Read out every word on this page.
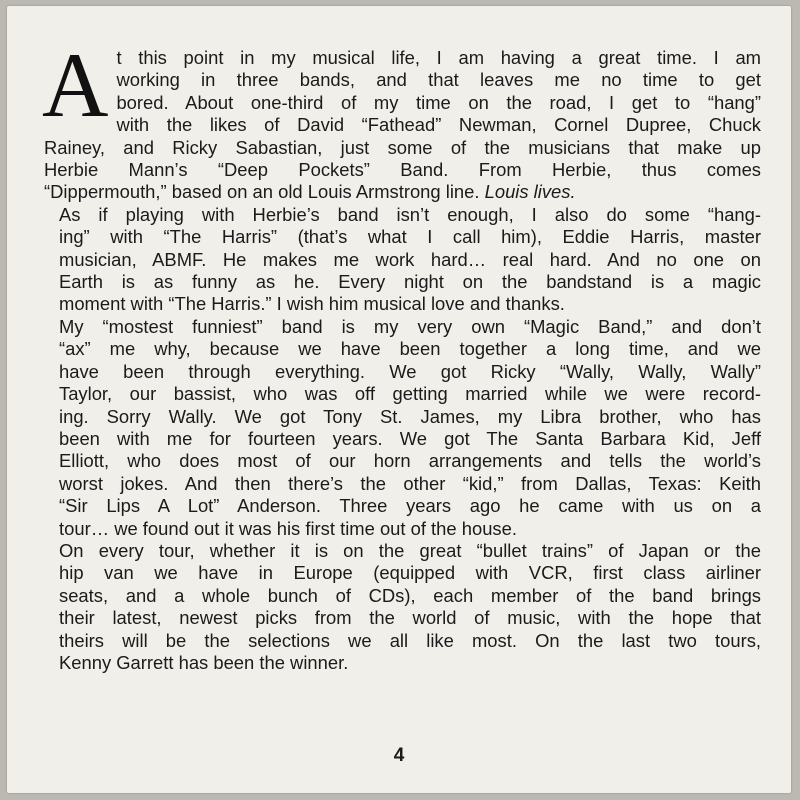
A t this point in my musical life, I am having a great time. I am
working in three bands, and that leaves me no time to get
bored. About one-third of my time on the road, I get to “hang”
with the likes of David “Fathead” Newman, Cornel Dupree, Chuck
Rainey, and Ricky Sabastian, just some of the musicians that make up
Herbie Mann’s “Deep Pockets” Band. From Herbie, thus comes
“Dippermouth,” based on an old Louis Armstrong line. Louis lives.
As if playing with Herbie’s band isn’t enough, I also do some “hang-
ing” with “The Harris” (that’s what I call him), Eddie Harris, master
musician, ABMF. He makes me work hard… real hard. And no one on
Earth is as funny as he. Every night on the bandstand is a magic
moment with “The Harris.” I wish him musical love and thanks.
My “mostest funniest” band is my very own “Magic Band,” and don’t
“ax” me why, because we have been together a long time, and we
have been through everything. We got Ricky “Wally, Wally, Wally”
Taylor, our bassist, who was off getting married while we were record-
ing. Sorry Wally. We got Tony St. James, my Libra brother, who has
been with me for fourteen years. We got The Santa Barbara Kid, Jeff
Elliott, who does most of our horn arrangements and tells the world’s
worst jokes. And then there’s the other “kid,” from Dallas, Texas: Keith
“Sir Lips A Lot” Anderson. Three years ago he came with us on a
tour… we found out it was his first time out of the house.
On every tour, whether it is on the great “bullet trains” of Japan or the
hip van we have in Europe (equipped with VCR, first class airliner
seats, and a whole bunch of CDs), each member of the band brings
their latest, newest picks from the world of music, with the hope that
theirs will be the selections we all like most. On the last two tours,
Kenny Garrett has been the winner.
4
